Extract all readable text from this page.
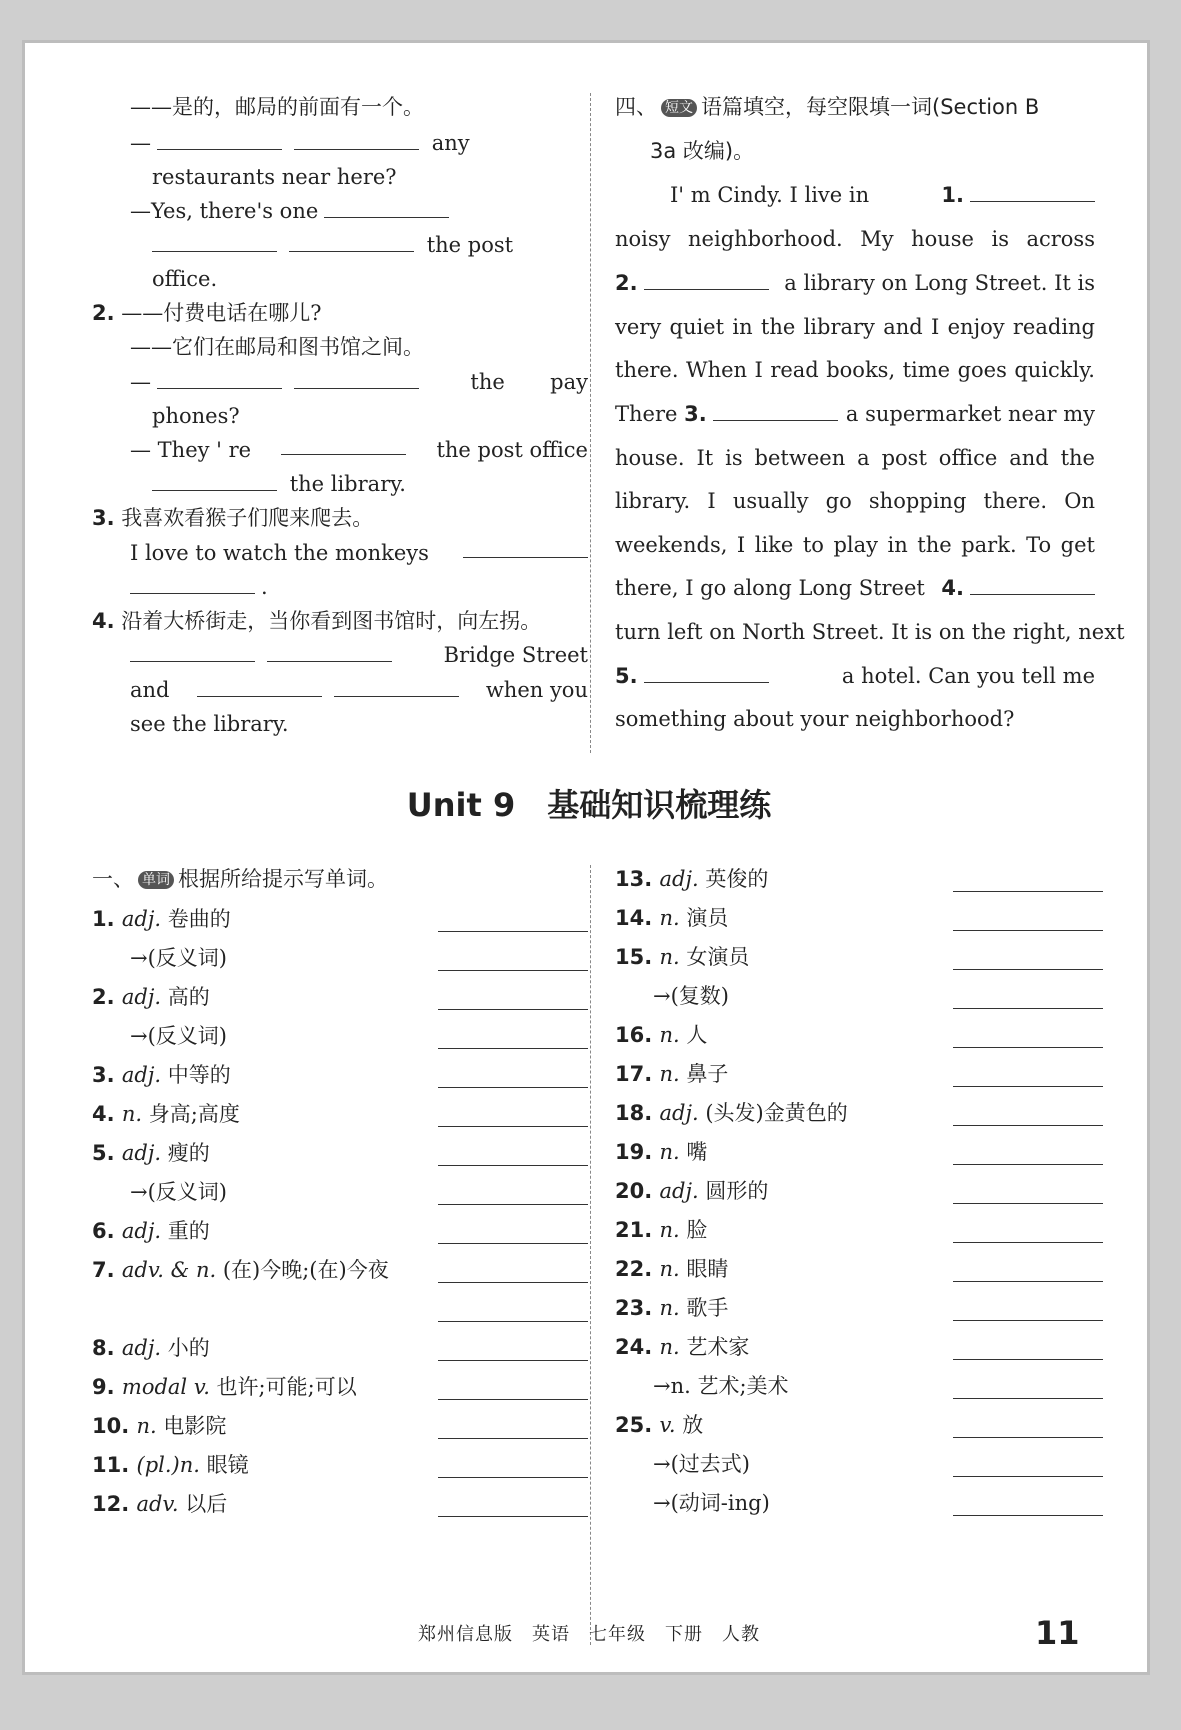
——是的，邮局的前面有一个。
—	any
restaurants near here?
—Yes, there's one
the post
office.
2. ——付费电话在哪儿?
——它们在邮局和图书馆之间。
—	the pay
phones?
— They ' re	the post office
the library.
3. 我喜欢看猴子们爬来爬去。
I love to watch the monkeys
.
4. 沿着大桥街走，当你看到图书馆时，向左拐。
Bridge Street
and	when you
see the library.
四、 短文 语篇填空，每空限填一词(Section B
3a 改编)。
I' m Cindy. I live in	1.
noisy neighborhood. My house is across
2.	a library on Long Street. It is
very quiet in the library and I enjoy reading
there. When I read books, time goes quickly.
There 3.	a supermarket near my
house. It is between a post office and the
library. I usually go shopping there. On
weekends, I like to play in the park. To get
there, I go along Long Street 4.
turn left on North Street. It is on the right, next
5.	a hotel. Can you tell me
something about your neighborhood?
Unit 9　基础知识梳理练
一、 单词 根据所给提示写单词。
郑州信息版　英语　七年级　下册　人教	11
1. adj. 卷曲的
→(反义词)
2. adj. 高的
→(反义词)
3. adj. 中等的
4. n. 身高;高度
5. adj. 瘦的
→(反义词)
6. adj. 重的
7. adv. & n. (在)今晚;(在)今夜
8. adj. 小的
9. modal v. 也许;可能;可以
10. n. 电影院
11. (pl.)n. 眼镜
12. adv. 以后
13. adj. 英俊的
14. n. 演员
15. n. 女演员
→(复数)
16. n. 人
17. n. 鼻子
18. adj. (头发)金黄色的
19. n. 嘴
20. adj. 圆形的
21. n. 脸
22. n. 眼睛
23. n. 歌手
24. n. 艺术家
→n. 艺术;美术
25. v. 放
→(过去式)
→(动词-ing)
